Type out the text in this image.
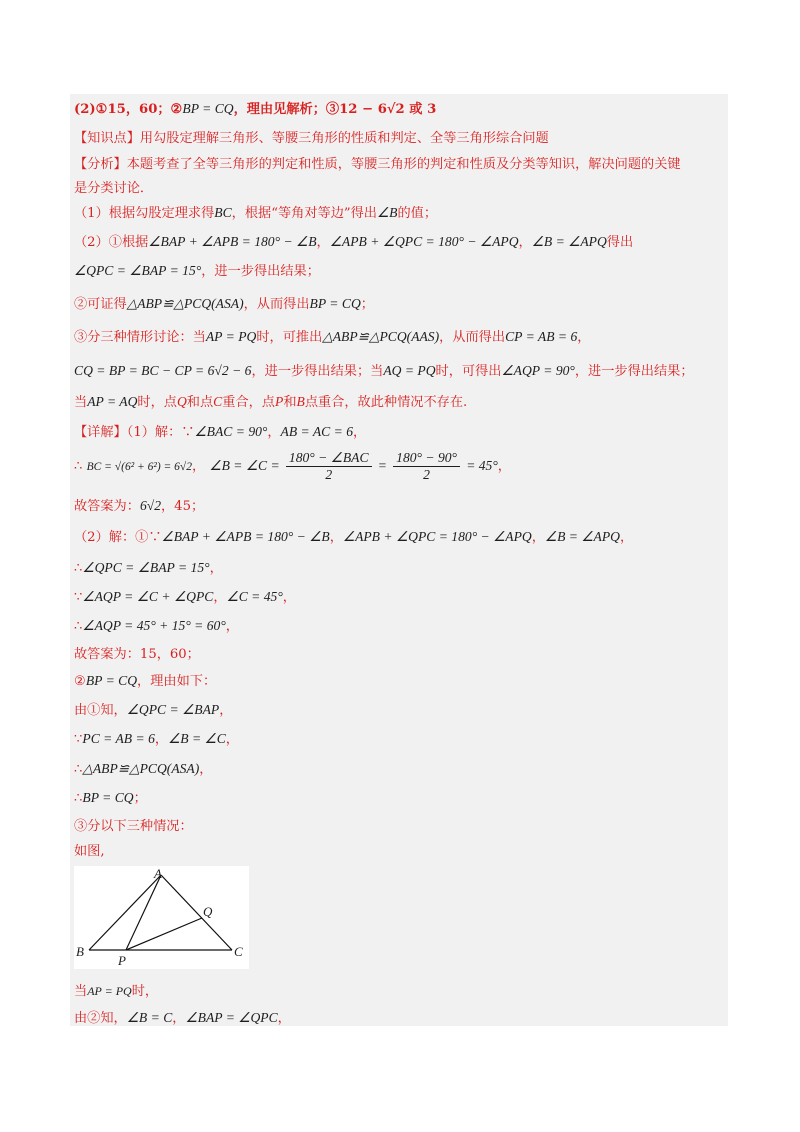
(2)①15，60；②BP = CQ，理由见解析；③12 − 6√2 或 3
【知识点】用勾股定理解三角形、等腰三角形的性质和判定、全等三角形综合问题
【分析】本题考查了全等三角形的判定和性质，等腰三角形的判定和性质及分类等知识，解决问题的关键
是分类讨论．
（1）根据勾股定理求得BC，根据“等角对等边”得出∠B的值；
（2）①根据∠BAP + ∠APB = 180° − ∠B，∠APB + ∠QPC = 180° − ∠APQ，∠B = ∠APQ得出
∠QPC = ∠BAP = 15°，进一步得出结果；
②可证得△ABP≌△PCQ(ASA)，从而得出BP = CQ；
③分三种情形讨论：当AP = PQ时，可推出△ABP≌△PCQ(AAS)，从而得出CP = AB = 6，
CQ = BP = BC − CP = 6√2 − 6，进一步得出结果；当AQ = PQ时，可得出∠AQP = 90°，进一步得出结果；
当AP = AQ时，点Q和点C重合，点P和B点重合，故此种情况不存在.
【详解】（1）解：∵∠BAC = 90°，AB = AC = 6，
∴ BC = √(6² + 6²) = 6√2， ∠B = ∠C = $\frac{\text{180° − ∠BAC}}{2} = \frac{180^\circ - 90^\circ}{2} = 45^\circ$，
故答案为：6√2，45；
（2）解：①∵∠BAP + ∠APB = 180° − ∠B，∠APB + ∠QPC = 180° − ∠APQ，∠B = ∠APQ，
∴∠QPC = ∠BAP = 15°，
∵∠AQP = ∠C + ∠QPC，∠C = 45°，
∴∠AQP = 45° + 15° = 60°，
故答案为：15，60；
②BP = CQ，理由如下：
由①知，∠QPC = ∠BAP，
∵PC = AB = 6，∠B = ∠C，
∴△ABP≌△PCQ(ASA)，
∴BP = CQ；
③分以下三种情况：
如图,
A
B	C
P
Q
当AP = PQ时，
由②知，∠B = C，∠BAP = ∠QPC，
